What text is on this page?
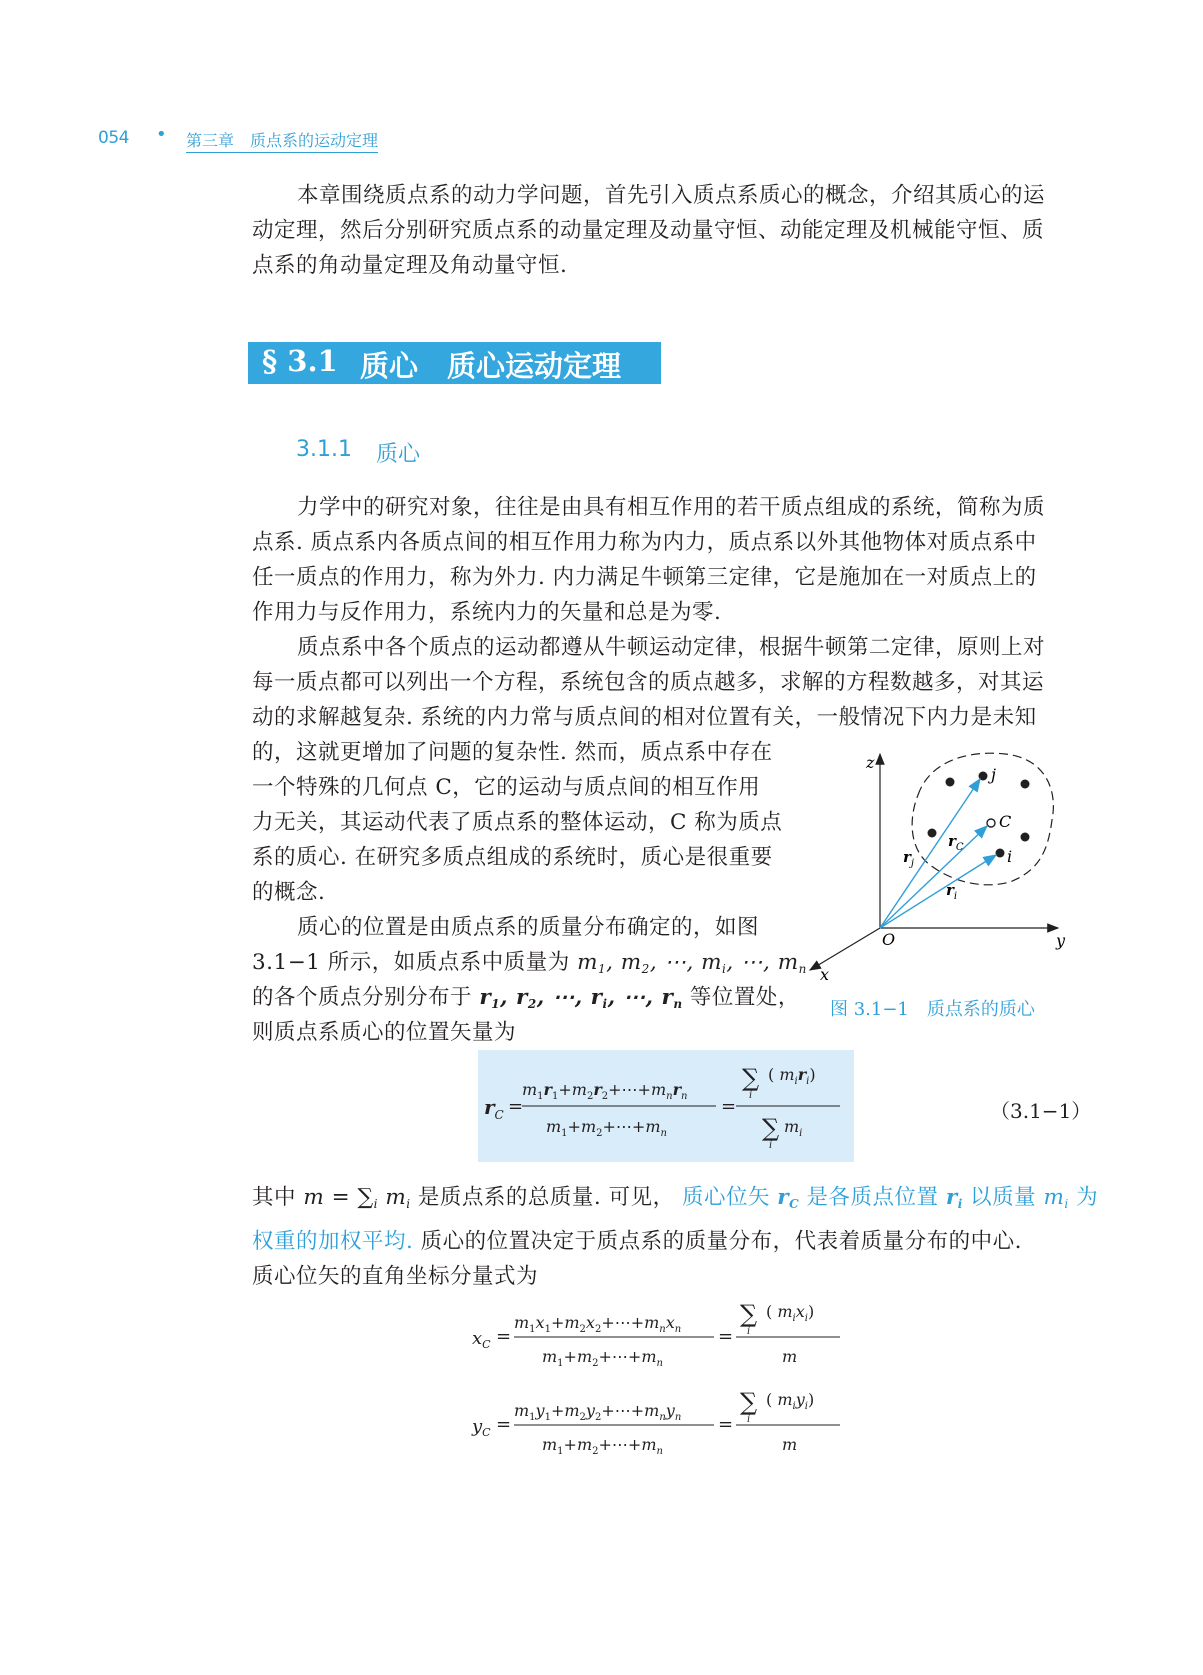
054 • 第三章　质点系的运动定理
本章围绕质点系的动力学问题，首先引入质点系质心的概念，介绍其质心的运
动定理，然后分别研究质点系的动量定理及动量守恒、动能定理及机械能守恒、质
点系的角动量定理及角动量守恒.
§ 3.1 质心　质心运动定理
3.1.1 质心
力学中的研究对象，往往是由具有相互作用的若干质点组成的系统，简称为质
点系. 质点系内各质点间的相互作用力称为内力，质点系以外其他物体对质点系中
任一质点的作用力，称为外力. 内力满足牛顿第三定律，它是施加在一对质点上的
作用力与反作用力，系统内力的矢量和总是为零.
质点系中各个质点的运动都遵从牛顿运动定律，根据牛顿第二定律，原则上对
每一质点都可以列出一个方程，系统包含的质点越多，求解的方程数越多，对其运
动的求解越复杂. 系统的内力常与质点间的相对位置有关，一般情况下内力是未知
的，这就更增加了问题的复杂性. 然而，质点系中存在
一个特殊的几何点 C，它的运动与质点间的相互作用
力无关，其运动代表了质点系的整体运动，C 称为质点
系的质心. 在研究多质点组成的系统时，质心是很重要
的概念.
质心的位置是由质点系的质量分布确定的，如图
3.1−1 所示，如质点系中质量为 $m_1$, $m_2$, ⋯, $m_i$, ⋯, $m_n$
的各个质点分别分布于 $r_1$, $r_2$, ⋯, $r_i$, ⋯, $r_n$ 等位置处，
则质点系质心的位置矢量为
z
y
x
O
j
C
i
$r_j$
$r_C$
$r_i$
图 3.1−1　质点系的质心
$r_C$ =
$m_1r_1+m_2r_2+\cdots+m_nr_n$
$m_1+m_2+\cdots+m_n$
=
∑
i
( $m_ir_i$)
∑
i
$m_i$
（3.1−1）
其中 $m = \sum_i$ $m_i$ 是质点系的总质量. 可见， 质心位矢 $r_C$ 是各质点位置 $r_i$ 以质量 $m_i$ 为
权重的加权平均. 质心的位置决定于质点系的质量分布，代表着质量分布的中心.
质心位矢的直角坐标分量式为
$x_C$ =
$m_1x_1+m_2x_2+\cdots+m_nx_n$
$m_1+m_2+\cdots+m_n$
=
∑
i
( $m_ix_i$)
m
$y_C$ =
$m_1y_1+m_2y_2+\cdots+m_ny_n$
$m_1+m_2+\cdots+m_n$
=
∑
i
( $m_iy_i$)
m
